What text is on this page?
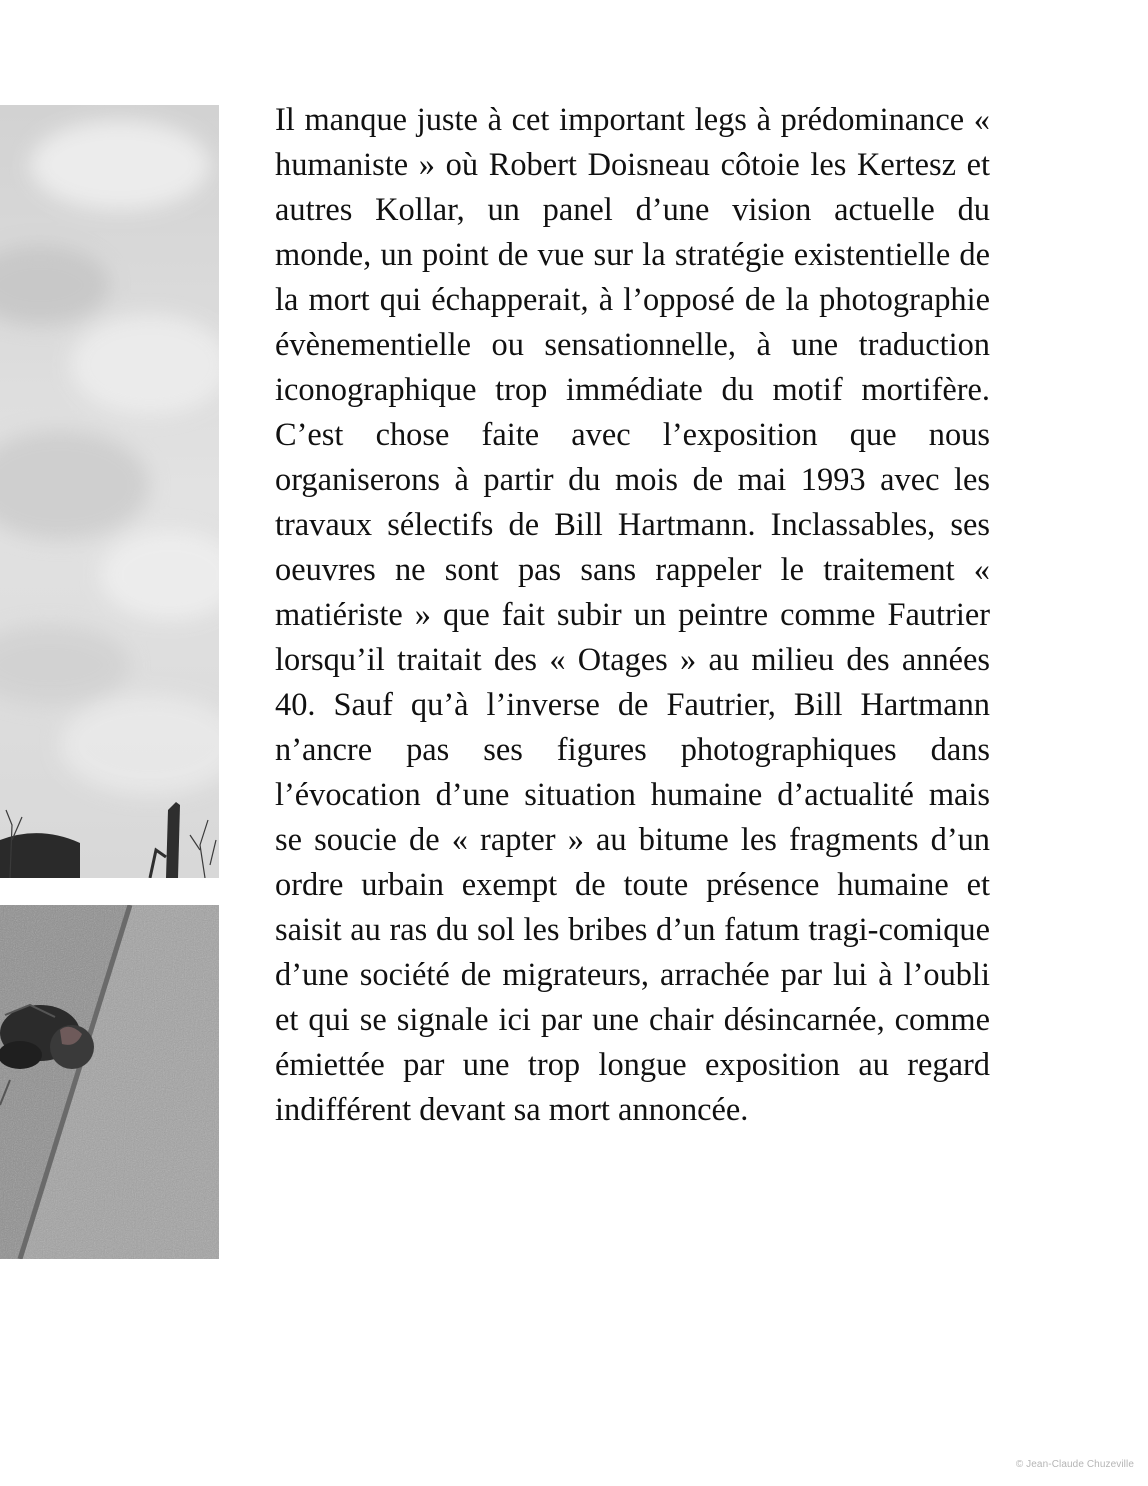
Il manque juste à cet important legs à prédominance « humaniste » où Robert Doisneau côtoie les Kertesz et autres Kollar, un panel d’une vision actuelle du monde, un point de vue sur la stratégie existentielle de la mort qui échapperait, à l’opposé de la photographie évènementielle ou sensationnelle, à une traduction iconographique trop immédiate du motif mortifère. C’est chose faite avec l’exposition que nous organiserons à partir du mois de mai 1993 avec les travaux sélectifs de Bill Hartmann. Inclassables, ses oeuvres ne sont pas sans rappeler le traitement « matiériste » que fait subir un peintre comme Fautrier lorsqu’il traitait des « Otages » au milieu des années 40. Sauf qu’à l’inverse de Fautrier, Bill Hartmann n’ancre pas ses figures photographiques dans l’évocation d’une situation humaine d’actualité mais se soucie de « rapter » au bitume les fragments d’un ordre urbain exempt de toute présence humaine et saisit au ras du sol les bribes d’un fatum tragi-comique d’une société de migrateurs, arrachée par lui à l’oubli et qui se signale ici par une chair désincarnée, comme émiettée par une trop longue exposition au regard indifférent devant sa mort annoncée.

© Jean-Claude Chuzeville
